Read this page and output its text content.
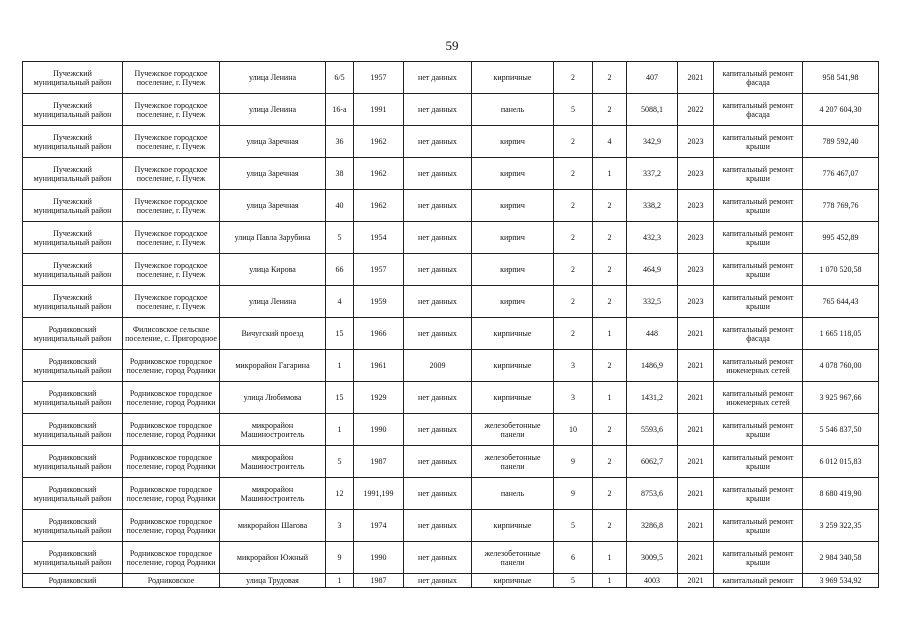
59
Пучежский муниципальный район	Пучежское городское поселение, г. Пучеж	улица Ленина	6/5	1957	нет данных	кирпичные	2	2	407	2021	капитальный ремонт фасада	958 541,98
Пучежский муниципальный район	Пучежское городское поселение, г. Пучеж	улица Ленина	16-а	1991	нет данных	панель	5	2	5088,1	2022	капитальный ремонт фасада	4 207 604,30
Пучежский муниципальный район	Пучежское городское поселение, г. Пучеж	улица Заречная	36	1962	нет данных	кирпич	2	4	342,9	2023	капитальный ремонт крыши	789 592,40
Пучежский муниципальный район	Пучежское городское поселение, г. Пучеж	улица Заречная	38	1962	нет данных	кирпич	2	1	337,2	2023	капитальный ремонт крыши	776 467,07
Пучежский муниципальный район	Пучежское городское поселение, г. Пучеж	улица Заречная	40	1962	нет данных	кирпич	2	2	338,2	2023	капитальный ремонт крыши	778 769,76
Пучежский муниципальный район	Пучежское городское поселение, г. Пучеж	улица Павла Зарубина	5	1954	нет данных	кирпич	2	2	432,3	2023	капитальный ремонт крыши	995 452,89
Пучежский муниципальный район	Пучежское городское поселение, г. Пучеж	улица Кирова	66	1957	нет данных	кирпич	2	2	464,9	2023	капитальный ремонт крыши	1 070 520,58
Пучежский муниципальный район	Пучежское городское поселение, г. Пучеж	улица Ленина	4	1959	нет данных	кирпич	2	2	332,5	2023	капитальный ремонт крыши	765 644,43
Родниковский муниципальный район	Филисовское сельское поселение, с. Пригородное	Вичугский проезд	15	1966	нет данных	кирпичные	2	1	448	2021	капитальный ремонт фасада	1 665 118,05
Родниковский муниципальный район	Родниковское городское поселение, город Родники	микрорайон Гагарина	1	1961	2009	кирпичные	3	2	1486,9	2021	капитальный ремонт инженерных сетей	4 078 760,00
Родниковский муниципальный район	Родниковское городское поселение, город Родники	улица Любимова	15	1929	нет данных	кирпичные	3	1	1431,2	2021	капитальный ремонт инженерных сетей	3 925 967,66
Родниковский муниципальный район	Родниковское городское поселение, город Родники	микрорайон Машиностроитель	1	1990	нет данных	железобетонные панели	10	2	5593,6	2021	капитальный ремонт крыши	5 546 837,50
Родниковский муниципальный район	Родниковское городское поселение, город Родники	микрорайон Машиностроитель	5	1987	нет данных	железобетонные панели	9	2	6062,7	2021	капитальный ремонт крыши	6 012 015,83
Родниковский муниципальный район	Родниковское городское поселение, город Родники	микрорайон Машиностроитель	12	1991,199	нет данных	панель	9	2	8753,6	2021	капитальный ремонт крыши	8 680 419,90
Родниковский муниципальный район	Родниковское городское поселение, город Родники	микрорайон Шагова	3	1974	нет данных	кирпичные	5	2	3286,8	2021	капитальный ремонт крыши	3 259 322,35
Родниковский муниципальный район	Родниковское городское поселение, город Родники	микрорайон Южный	9	1990	нет данных	железобетонные панели	6	1	3009,5	2021	капитальный ремонт крыши	2 984 340,58
Родниковский	Родниковское	улица Трудовая	1	1987	нет данных	кирпичные	5	1	4003	2021	капитальный ремонт	3 969 534,92
